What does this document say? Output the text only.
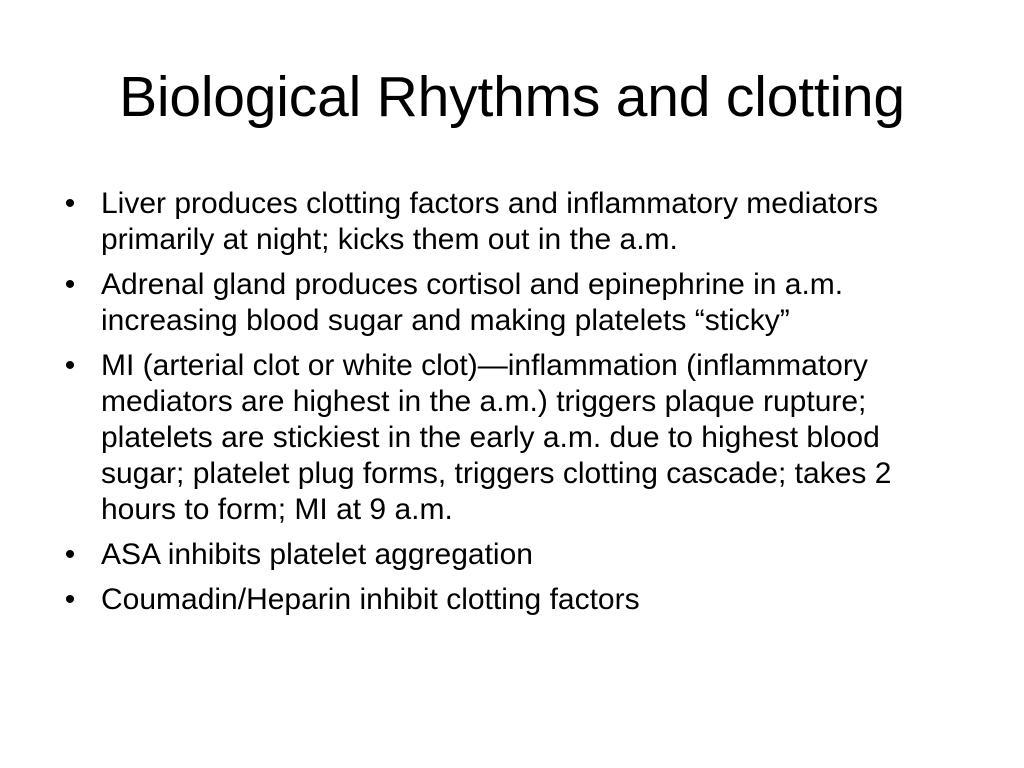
Biological Rhythms and clotting
• Liver produces clotting factors and inflammatory mediators primarily at night; kicks them out in the a.m.
• Adrenal gland produces cortisol and epinephrine in a.m. increasing blood sugar and making platelets “sticky”
• MI (arterial clot or white clot)—inflammation (inflammatory mediators are highest in the a.m.) triggers plaque rupture; platelets are stickiest in the early a.m. due to highest blood sugar; platelet plug forms, triggers clotting cascade; takes 2 hours to form; MI at 9 a.m.
• ASA inhibits platelet aggregation
• Coumadin/Heparin inhibit clotting factors
